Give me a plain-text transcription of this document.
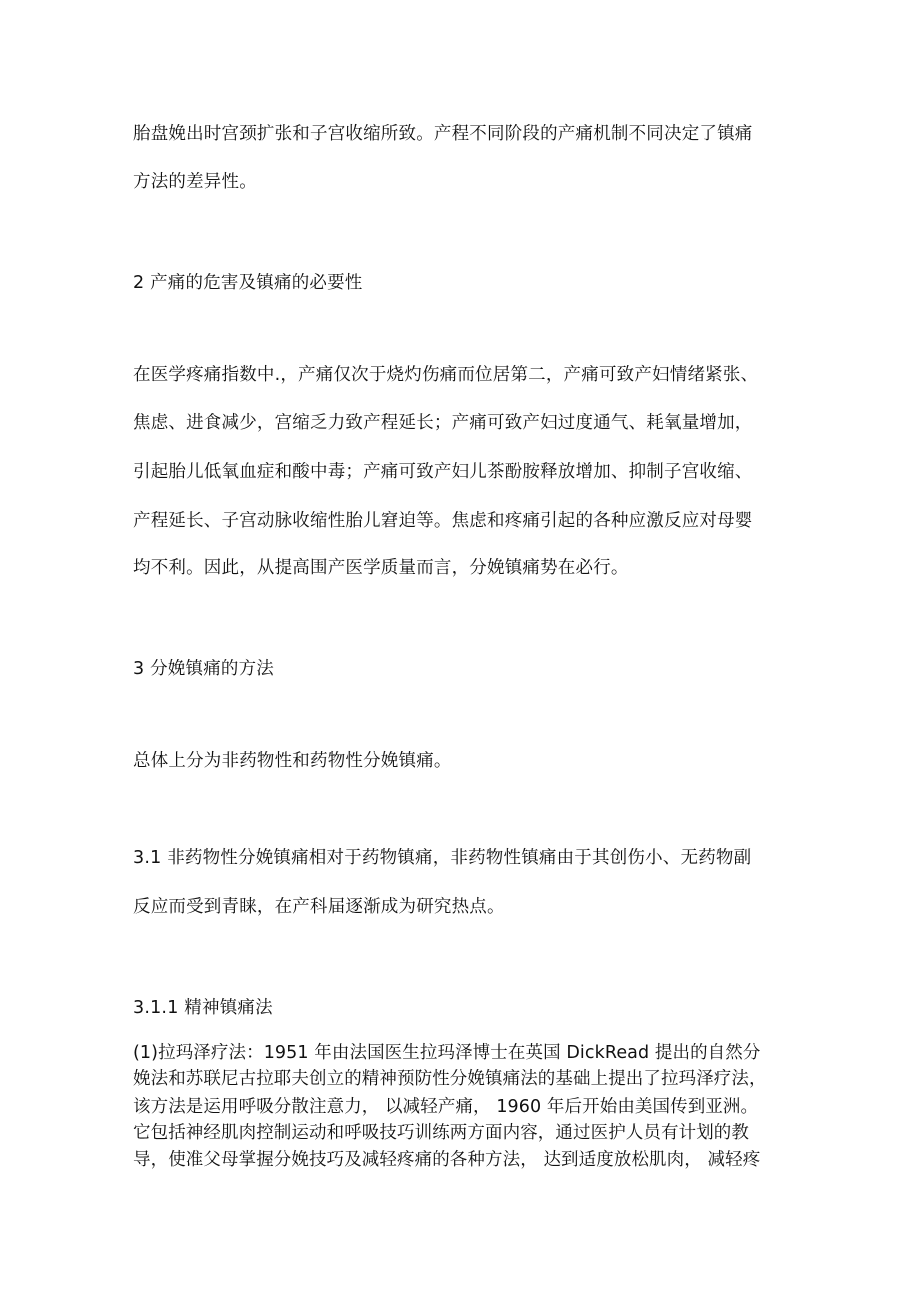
胎盘娩出时宫颈扩张和子宫收缩所致。产程不同阶段的产痛机制不同决定了镇痛
方法的差异性。
2 产痛的危害及镇痛的必要性
在医学疼痛指数中.，产痛仅次于烧灼伤痛而位居第二，产痛可致产妇情绪紧张、
焦虑、进食减少，宫缩乏力致产程延长；产痛可致产妇过度通气、耗氧量增加，
引起胎儿低氧血症和酸中毒；产痛可致产妇儿茶酚胺释放增加、抑制子宫收缩、
产程延长、子宫动脉收缩性胎儿窘迫等。焦虑和疼痛引起的各种应激反应对母婴
均不利。因此，从提高围产医学质量而言，分娩镇痛势在必行。
3 分娩镇痛的方法
总体上分为非药物性和药物性分娩镇痛。
3.1 非药物性分娩镇痛相对于药物镇痛，非药物性镇痛由于其创伤小、无药物副
反应而受到青睐，在产科届逐渐成为研究热点。
3.1.1 精神镇痛法
(1)拉玛泽疗法：1951 年由法国医生拉玛泽博士在英国 DickRead 提出的自然分
娩法和苏联尼古拉耶夫创立的精神预防性分娩镇痛法的基础上提出了拉玛泽疗法，
该方法是运用呼吸分散注意力， 以减轻产痛， 1960 年后开始由美国传到亚洲。
它包括神经肌肉控制运动和呼吸技巧训练两方面内容，通过医护人员有计划的教
导，使准父母掌握分娩技巧及减轻疼痛的各种方法， 达到适度放松肌肉， 减轻疼
